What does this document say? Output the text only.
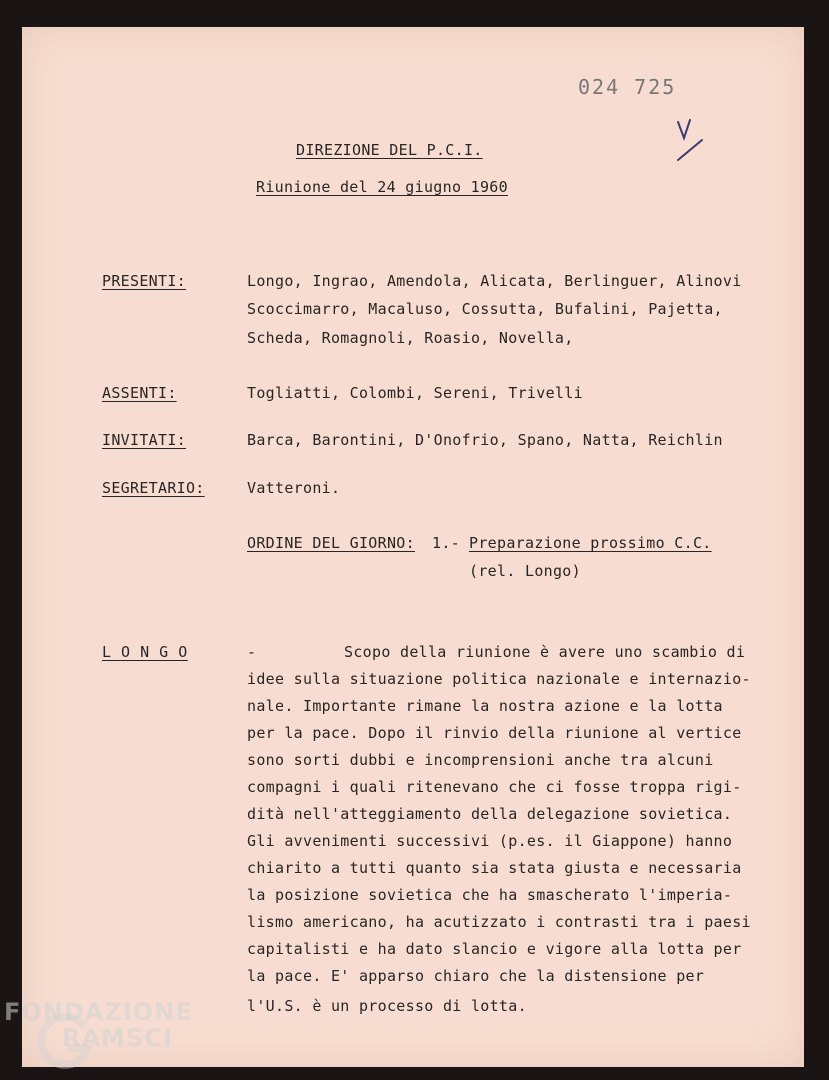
024 725
DIREZIONE DEL P.C.I.
Riunione del 24 giugno 1960
PRESENTI:	Longo, Ingrao, Amendola, Alicata, Berlinguer, Alinovi
Scoccimarro, Macaluso, Cossutta, Bufalini, Pajetta,
Scheda, Romagnoli, Roasio, Novella,
ASSENTI:	Togliatti, Colombi, Sereni, Trivelli
INVITATI:	Barca, Barontini, D'Onofrio, Spano, Natta, Reichlin
SEGRETARIO:	Vatteroni.
ORDINE DEL GIORNO: 1.- Preparazione prossimo C.C.
(rel. Longo)
L O N G O	-	Scopo della riunione è avere uno scambio di
idee sulla situazione politica nazionale e internazio-
nale. Importante rimane la nostra azione e la lotta
per la pace. Dopo il rinvio della riunione al vertice
sono sorti dubbi e incomprensioni anche tra alcuni
compagni i quali ritenevano che ci fosse troppa rigi-
dità nell'atteggiamento della delegazione sovietica.
Gli avvenimenti successivi (p.es. il Giappone) hanno
chiarito a tutti quanto sia stata giusta e necessaria
la posizione sovietica che ha smascherato l'imperia-
lismo americano, ha acutizzato i contrasti tra i paesi
capitalisti e ha dato slancio e vigore alla lotta per
la pace. E' apparso chiaro che la distensione per
l'U.S. è un processo di lotta.
FONDAZIONE
RAMSCI
